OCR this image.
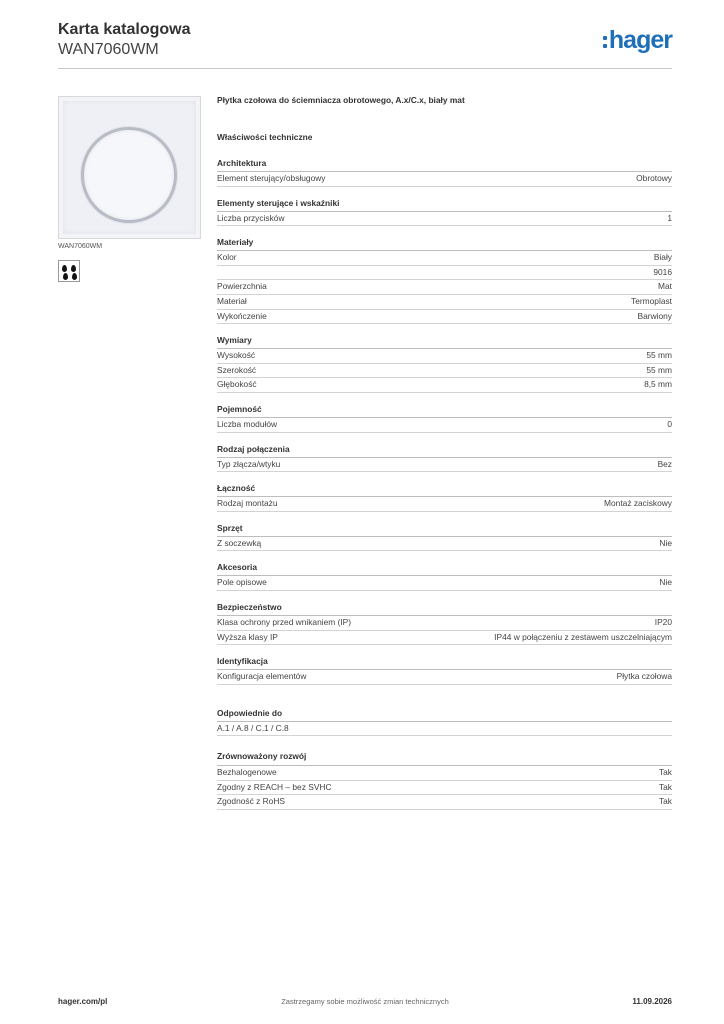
Karta katalogowa
WAN7060WM	hager
WAN7060WM
Płytka czołowa do ściemniacza obrotowego, A.x/C.x, biały mat
Właściwości techniczne
Architektura
Element sterujący/obsługowy	Obrotowy
Elementy sterujące i wskaźniki
Liczba przycisków	1
Materiały
Kolor	Biały
9016
Powierzchnia	Mat
Materiał	Termoplast
Wykończenie	Barwiony
Wymiary
Wysokość	55 mm
Szerokość	55 mm
Głębokość	8,5 mm
Pojemność
Liczba modułów	0
Rodzaj połączenia
Typ złącza/wtyku	Bez
Łączność
Rodzaj montażu	Montaż zaciskowy
Sprzęt
Z soczewką	Nie
Akcesoria
Pole opisowe	Nie
Bezpieczeństwo
Klasa ochrony przed wnikaniem (IP)	IP20
Wyższa klasy IP	IP44 w połączeniu z zestawem uszczelniającym
Identyfikacja
Konfiguracja elementów	Płytka czołowa
Odpowiednie do
A.1 / A.8 / C.1 / C.8
Zrównoważony rozwój
Bezhalogenowe	Tak
Zgodny z REACH – bez SVHC	Tak
Zgodność z RoHS	Tak
hager.com/pl	Zastrzegamy sobie możliwość zmian technicznych	11.09.2026
